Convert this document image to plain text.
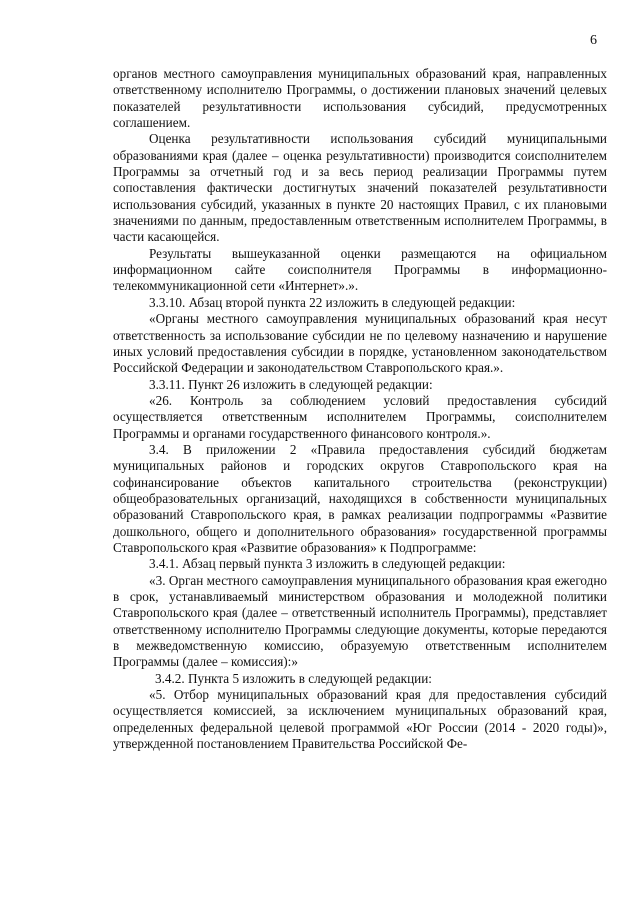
6

органов местного самоуправления муниципальных образований края, направленных ответственному исполнителю Программы, о достижении плановых значений целевых показателей результативности использования субсидий, предусмотренных соглашением.

Оценка результативности использования субсидий муниципальными образованиями края (далее – оценка результативности) производится соисполнителем Программы за отчетный год и за весь период реализации Программы путем сопоставления фактически достигнутых значений показателей результативности использования субсидий, указанных в пункте 20 настоящих Правил, с их плановыми значениями по данным, предоставленным ответственным исполнителем Программы, в части касающейся.

Результаты вышеуказанной оценки размещаются на официальном информационном сайте соисполнителя Программы в информационно-телекоммуникационной сети «Интернет».».

3.3.10. Абзац второй пункта 22 изложить в следующей редакции:

«Органы местного самоуправления муниципальных образований края несут ответственность за использование субсидии не по целевому назначению и нарушение иных условий предоставления субсидии в порядке, установленном законодательством Российской Федерации и законодательством Ставропольского края.».

3.3.11. Пункт 26 изложить в следующей редакции:

«26. Контроль за соблюдением условий предоставления субсидий осуществляется ответственным исполнителем Программы, соисполнителем Программы и органами государственного финансового контроля.».

3.4. В приложении 2 «Правила предоставления субсидий бюджетам муниципальных районов и городских округов Ставропольского края на софинансирование объектов капитального строительства (реконструкции) общеобразовательных организаций, находящихся в собственности муниципальных образований Ставропольского края, в рамках реализации подпрограммы «Развитие дошкольного, общего и дополнительного образования» государственной программы Ставропольского края «Развитие образования» к Подпрограмме:

3.4.1. Абзац первый пункта 3 изложить в следующей редакции:

«3. Орган местного самоуправления муниципального образования края ежегодно в срок, устанавливаемый министерством образования и молодежной политики Ставропольского края (далее – ответственный исполнитель Программы), представляет ответственному исполнителю Программы следующие документы, которые передаются в межведомственную комиссию, образуемую ответственным исполнителем Программы (далее – комиссия):»

3.4.2. Пункта 5 изложить в следующей редакции:

«5. Отбор муниципальных образований края для предоставления субсидий осуществляется комиссией, за исключением муниципальных образований края, определенных федеральной целевой программой «Юг России (2014 - 2020 годы)», утвержденной постановлением Правительства Российской Фе-
